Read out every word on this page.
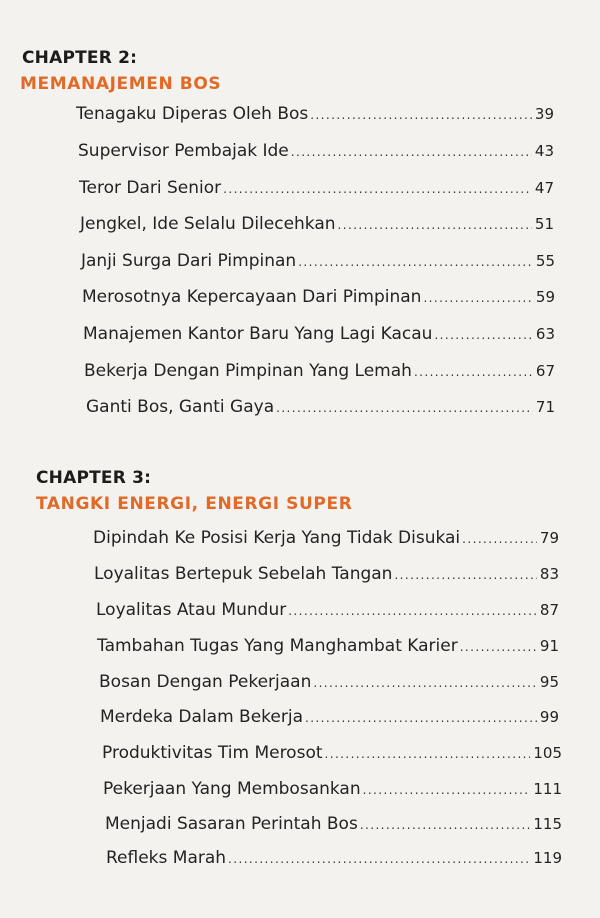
CHAPTER 2:
MEMANAJEMEN BOS
Tenagaku Diperas Oleh Bos .....	39
Supervisor Pembajak Ide .....	43
Teror Dari Senior .....	47
Jengkel, Ide Selalu Dilecehkan .....	51
Janji Surga Dari Pimpinan .....	55
Merosotnya Kepercayaan Dari Pimpinan .....	59
Manajemen Kantor Baru Yang Lagi Kacau .....	63
Bekerja Dengan Pimpinan Yang Lemah .....	67
Ganti Bos, Ganti Gaya .....	71
CHAPTER 3:
TANGKI ENERGI, ENERGI SUPER
Dipindah Ke Posisi Kerja Yang Tidak Disukai .....	79
Loyalitas Bertepuk Sebelah Tangan .....	83
Loyalitas Atau Mundur .....	87
Tambahan Tugas Yang Manghambat Karier .....	91
Bosan Dengan Pekerjaan .....	95
Merdeka Dalam Bekerja .....	99
Produktivitas Tim Merosot .....	105
Pekerjaan Yang Membosankan .....	111
Menjadi Sasaran Perintah Bos .....	115
Refleks Marah .....	119
